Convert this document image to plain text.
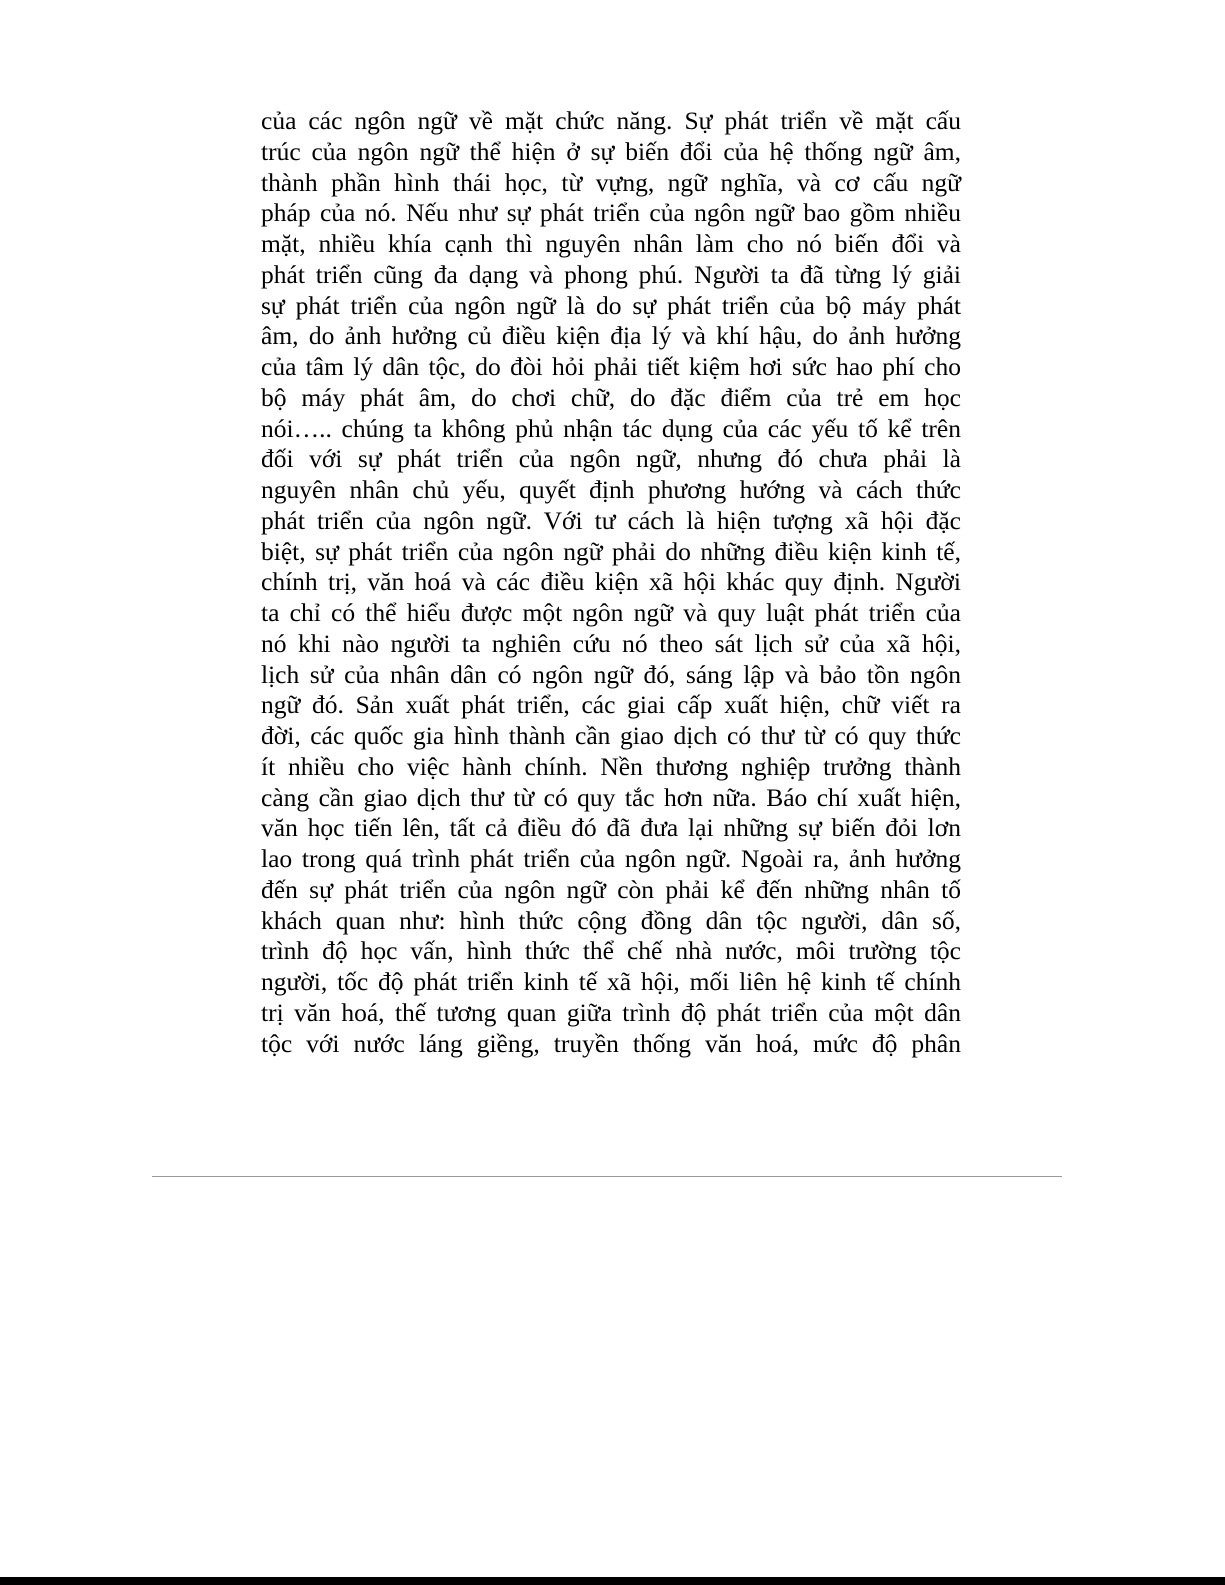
của các ngôn ngữ về mặt chức năng. Sự phát triển về mặt cấu
trúc của ngôn ngữ thể hiện ở sự biến đổi của hệ thống ngữ âm,
thành phần hình thái học, từ vựng, ngữ nghĩa, và cơ cấu ngữ
pháp của nó. Nếu như sự phát triển của ngôn ngữ bao gồm nhiều
mặt, nhiều khía cạnh thì nguyên nhân làm cho nó biến đổi và
phát triển cũng đa dạng và phong phú. Người ta đã từng lý giải
sự phát triển của ngôn ngữ là do sự phát triển của bộ máy phát
âm, do ảnh hưởng củ điều kiện địa lý và khí hậu, do ảnh hưởng
của tâm lý dân tộc, do đòi hỏi phải tiết kiệm hơi sức hao phí cho
bộ máy phát âm, do chơi chữ, do đặc điểm của trẻ em học
nói….. chúng ta không phủ nhận tác dụng của các yếu tố kể trên
đối với sự phát triển của ngôn ngữ, nhưng đó chưa phải là
nguyên nhân chủ yếu, quyết định phương hướng và cách thức
phát triển của ngôn ngữ. Với tư cách là hiện tượng xã hội đặc
biệt, sự phát triển của ngôn ngữ phải do những điều kiện kinh tế,
chính trị, văn hoá và các điều kiện xã hội khác quy định. Người
ta chỉ có thể hiểu được một ngôn ngữ và quy luật phát triển của
nó khi nào người ta nghiên cứu nó theo sát lịch sử của xã hội,
lịch sử của nhân dân có ngôn ngữ đó, sáng lập và bảo tồn ngôn
ngữ đó. Sản xuất phát triển, các giai cấp xuất hiện, chữ viết ra
đời, các quốc gia hình thành cần giao dịch có thư từ có quy thức
ít nhiều cho việc hành chính. Nền thương nghiệp trưởng thành
càng cần giao dịch thư từ có quy tắc hơn nữa. Báo chí xuất hiện,
văn học tiến lên, tất cả điều đó đã đưa lại những sự biến đỏi lơn
lao trong quá trình phát triển của ngôn ngữ. Ngoài ra, ảnh hưởng
đến sự phát triển của ngôn ngữ còn phải kể đến những nhân tố
khách quan như: hình thức cộng đồng dân tộc người, dân số,
trình độ học vấn, hình thức thể chế nhà nước, môi trường tộc
người, tốc độ phát triển kinh tế xã hội, mối liên hệ kinh tế chính
trị văn hoá, thế tương quan giữa trình độ phát triển của một dân
tộc với nước láng giềng, truyền thống văn hoá, mức độ phân
